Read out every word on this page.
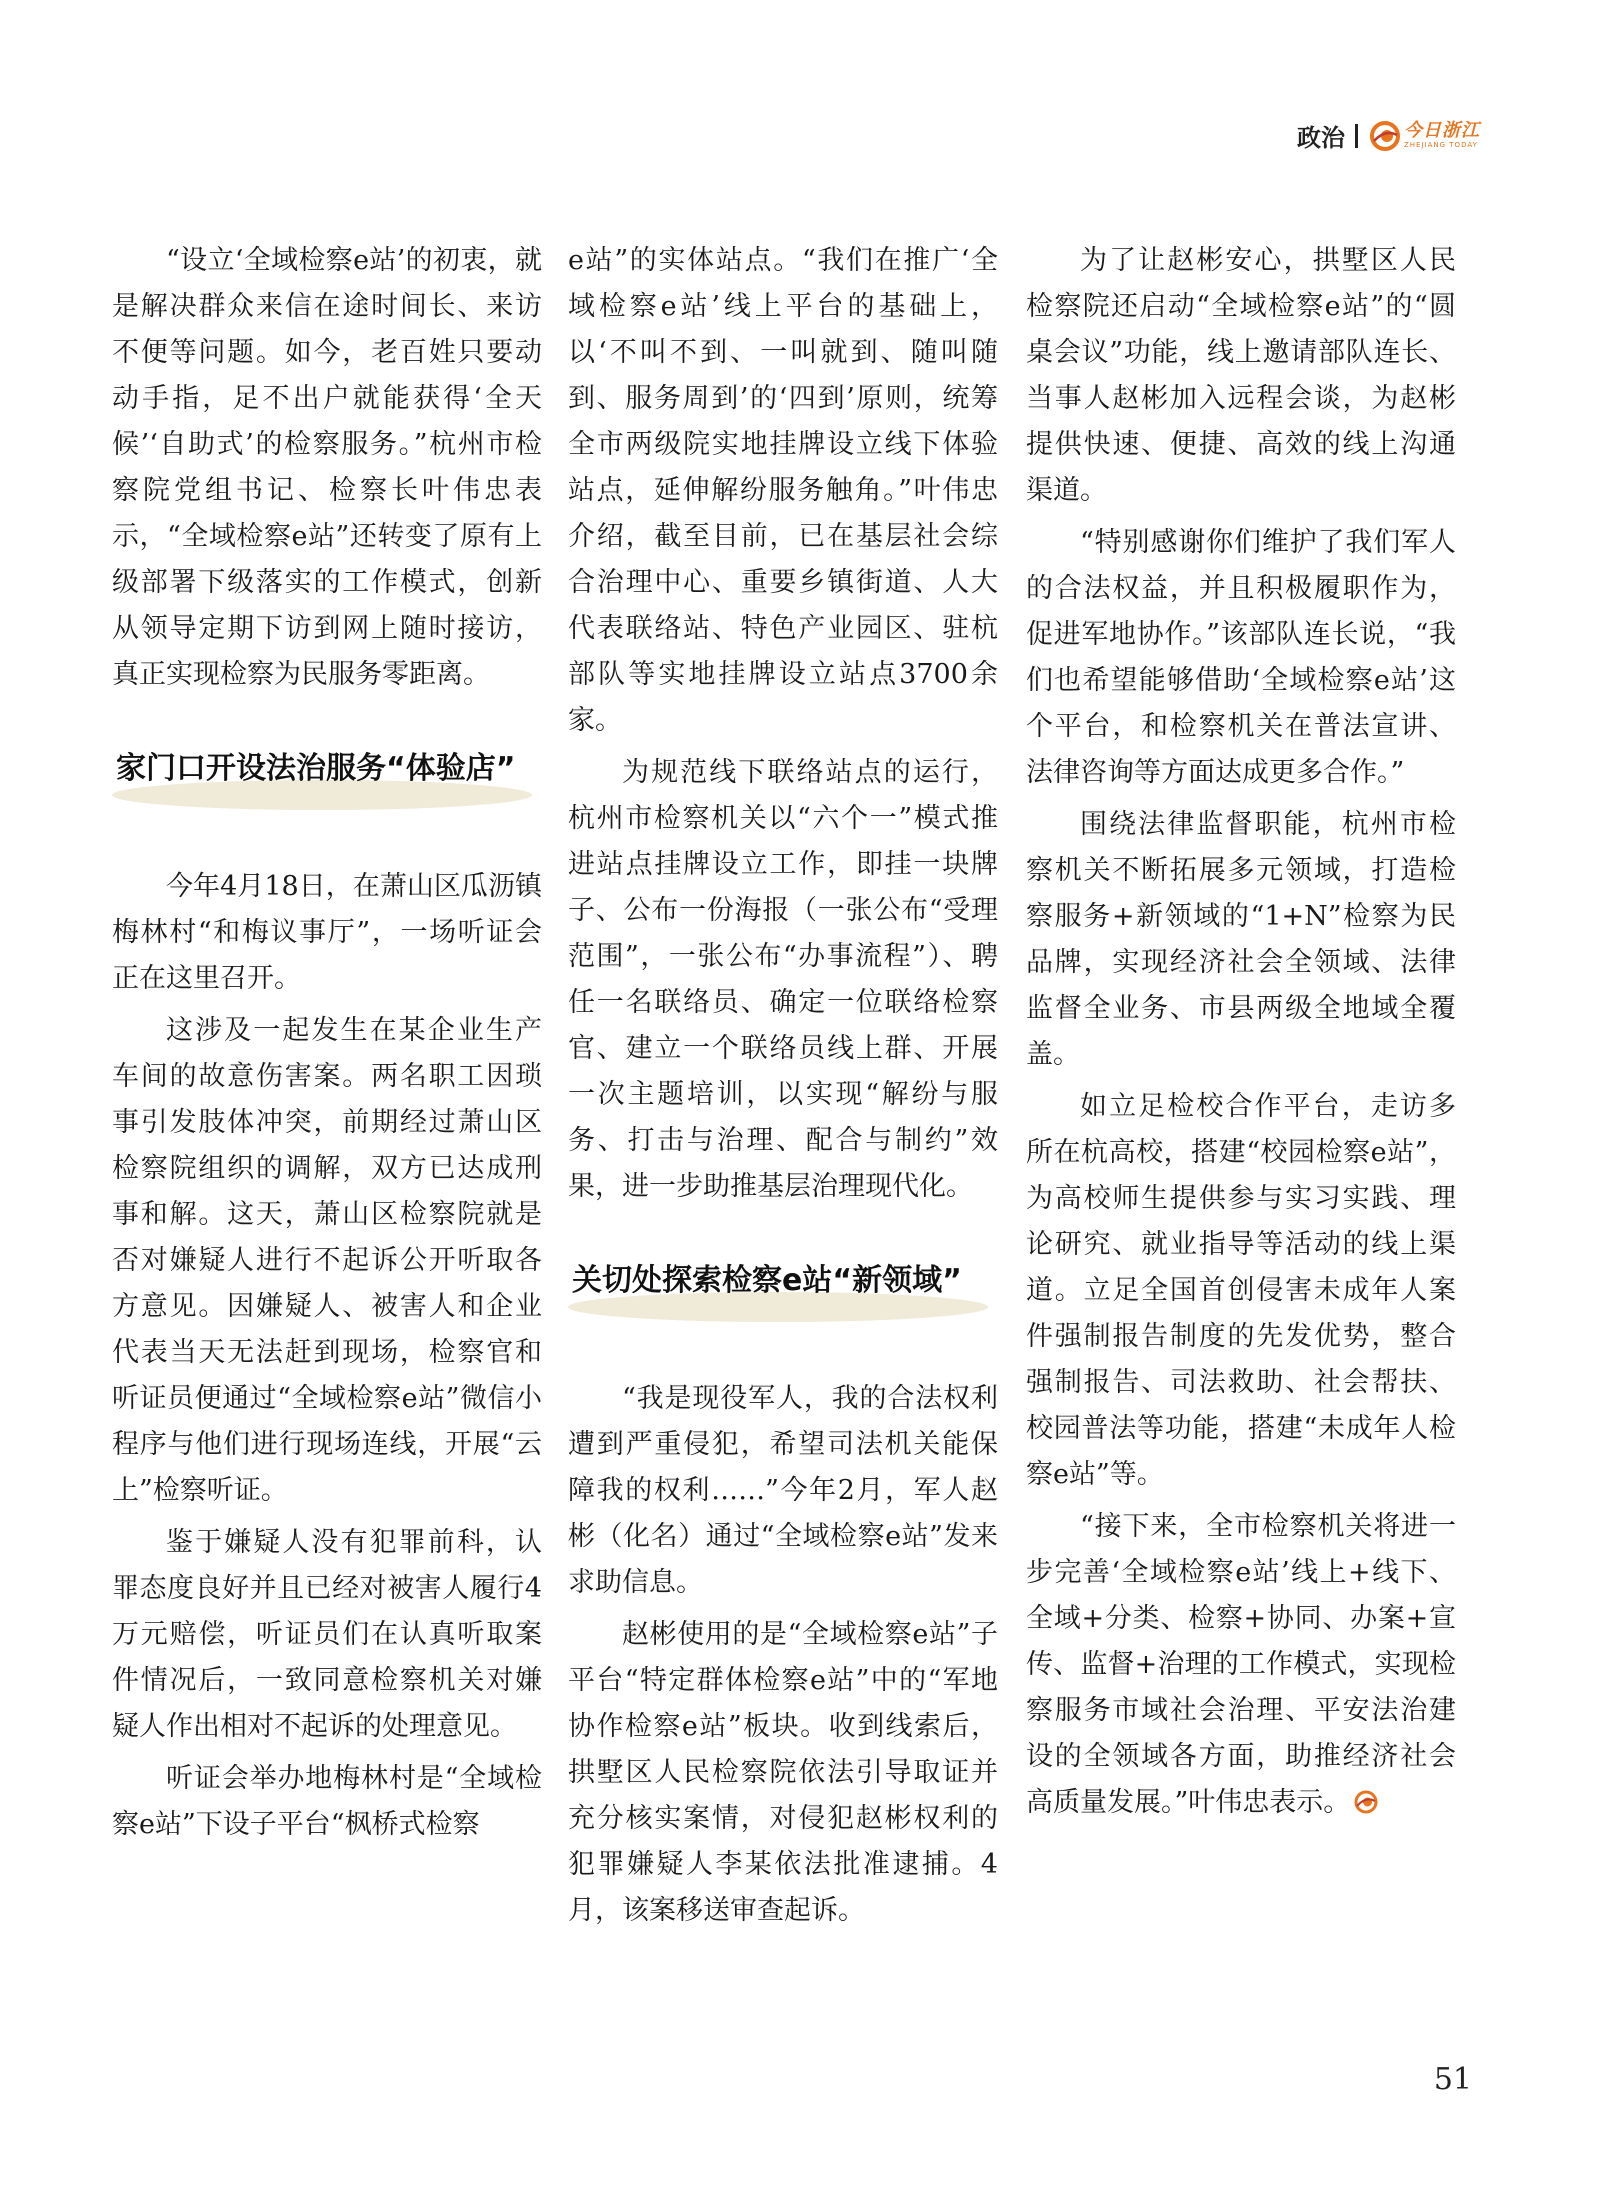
政治	今日浙江
ZHEJIANG TODAY

“设立‘全域检察e站’的初衷，就是解决群众来信在途时间长、来访不便等问题。如今，老百姓只要动动手指，足不出户就能获得‘全天候’‘自助式’的检察服务。”杭州市检察院党组书记、检察长叶伟忠表示，“全域检察e站”还转变了原有上级部署下级落实的工作模式，创新从领导定期下访到网上随时接访，真正实现检察为民服务零距离。

家门口开设法治服务“体验店”

今年4月18日，在萧山区瓜沥镇梅林村“和梅议事厅”，一场听证会正在这里召开。

这涉及一起发生在某企业生产车间的故意伤害案。两名职工因琐事引发肢体冲突，前期经过萧山区检察院组织的调解，双方已达成刑事和解。这天，萧山区检察院就是否对嫌疑人进行不起诉公开听取各方意见。因嫌疑人、被害人和企业代表当天无法赶到现场，检察官和听证员便通过“全域检察e站”微信小程序与他们进行现场连线，开展“云上”检察听证。

鉴于嫌疑人没有犯罪前科，认罪态度良好并且已经对被害人履行4万元赔偿，听证员们在认真听取案件情况后，一致同意检察机关对嫌疑人作出相对不起诉的处理意见。

听证会举办地梅林村是“全域检察e站”下设子平台“枫桥式检察

e站”的实体站点。“我们在推广‘全域检察e站’线上平台的基础上，以‘不叫不到、一叫就到、随叫随到、服务周到’的‘四到’原则，统筹全市两级院实地挂牌设立线下体验站点，延伸解纷服务触角。”叶伟忠介绍，截至目前，已在基层社会综合治理中心、重要乡镇街道、人大代表联络站、特色产业园区、驻杭部队等实地挂牌设立站点3700余家。

为规范线下联络站点的运行，杭州市检察机关以“六个一”模式推进站点挂牌设立工作，即挂一块牌子、公布一份海报（一张公布“受理范围”，一张公布“办事流程”）、聘任一名联络员、确定一位联络检察官、建立一个联络员线上群、开展一次主题培训，以实现“解纷与服务、打击与治理、配合与制约”效果，进一步助推基层治理现代化。

关切处探索检察e站“新领域”

“我是现役军人，我的合法权利遭到严重侵犯，希望司法机关能保障我的权利……”今年2月，军人赵彬（化名）通过“全域检察e站”发来求助信息。

赵彬使用的是“全域检察e站”子平台“特定群体检察e站”中的“军地协作检察e站”板块。收到线索后，拱墅区人民检察院依法引导取证并充分核实案情，对侵犯赵彬权利的犯罪嫌疑人李某依法批准逮捕。4月，该案移送审查起诉。

为了让赵彬安心，拱墅区人民检察院还启动“全域检察e站”的“圆桌会议”功能，线上邀请部队连长、当事人赵彬加入远程会谈，为赵彬提供快速、便捷、高效的线上沟通渠道。

“特别感谢你们维护了我们军人的合法权益，并且积极履职作为，促进军地协作。”该部队连长说，“我们也希望能够借助‘全域检察e站’这个平台，和检察机关在普法宣讲、法律咨询等方面达成更多合作。”

围绕法律监督职能，杭州市检察机关不断拓展多元领域，打造检察服务+新领域的“1+N”检察为民品牌，实现经济社会全领域、法律监督全业务、市县两级全地域全覆盖。

如立足检校合作平台，走访多所在杭高校，搭建“校园检察e站”，为高校师生提供参与实习实践、理论研究、就业指导等活动的线上渠道。立足全国首创侵害未成年人案件强制报告制度的先发优势，整合强制报告、司法救助、社会帮扶、校园普法等功能，搭建“未成年人检察e站”等。

“接下来，全市检察机关将进一步完善‘全域检察e站’线上+线下、全域+分类、检察+协同、办案+宣传、监督+治理的工作模式，实现检察服务市域社会治理、平安法治建设的全领域各方面，助推经济社会高质量发展。”叶伟忠表示。

51
